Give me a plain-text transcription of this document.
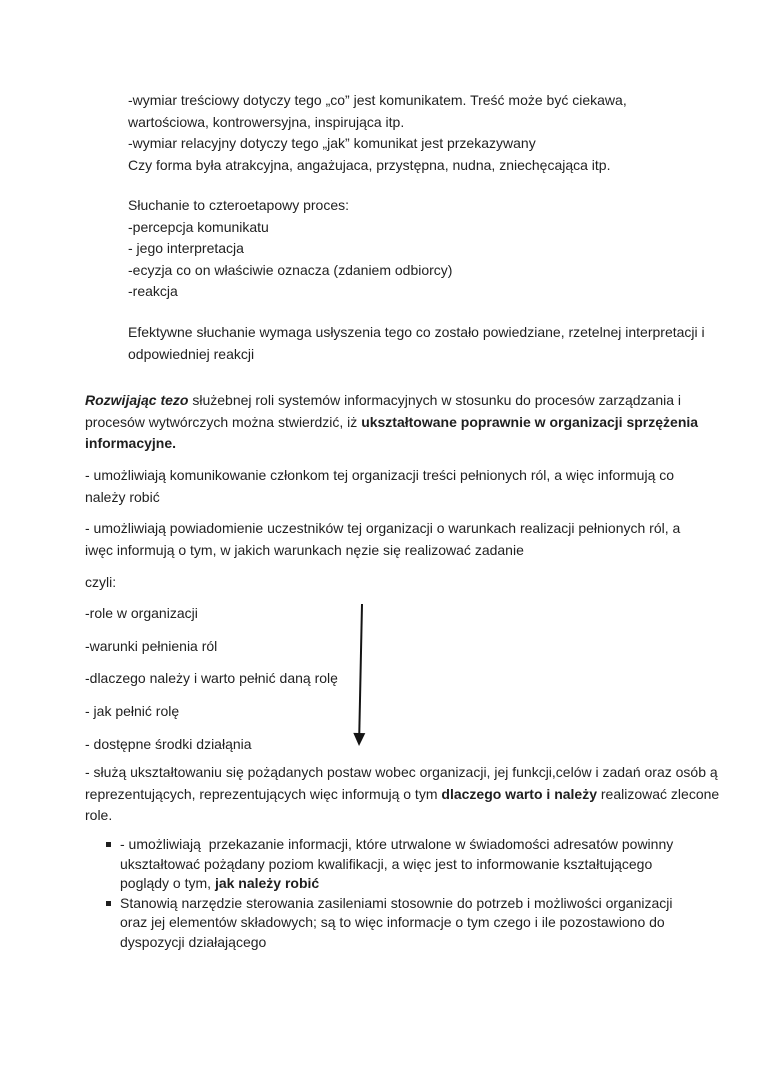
-wymiar treściowy dotyczy tego „co” jest komunikatem. Treść może być ciekawa,
wartościowa, kontrowersyjna, inspirująca itp.
-wymiar relacyjny dotyczy tego „jak” komunikat jest przekazywany
Czy forma była atrakcyjna, angażujaca, przystępna, nudna, zniechęcająca itp.
Słuchanie to czteroetapowy proces:
-percepcja komunikatu
- jego interpretacja
-ecyzja co on właściwie oznacza (zdaniem odbiorcy)
-reakcja
Efektywne słuchanie wymaga usłyszenia tego co zostało powiedziane, rzetelnej interpretacji i
odpowiedniej reakcji
Rozwijając tezo służebnej roli systemów informacyjnych w stosunku do procesów zarządzania i
procesów wytwórczych można stwierdzić, iż ukształtowane poprawnie w organizacji sprzężenia
informacyjne.
- umożliwiają komunikowanie członkom tej organizacji treści pełnionych ról, a więc informują co
należy robić
- umożliwiają powiadomienie uczestników tej organizacji o warunkach realizacji pełnionych ról, a
iwęc informują o tym, w jakich warunkach nęzie się realizować zadanie
czyli:
-role w organizacji
-warunki pełnienia ról
-dlaczego należy i warto pełnić daną rolę
- jak pełnić rolę
- dostępne środki działąnia
- służą ukształtowaniu się pożądanych postaw wobec organizacji, jej funkcji,celów i zadań oraz osób ą
reprezentujących, reprezentujących więc informują o tym dlaczego warto i należy realizować zlecone
role.
- umożliwiają  przekazanie informacji, które utrwalone w świadomości adresatów powinny
ukształtować pożądany poziom kwalifikacji, a więc jest to informowanie kształtującego
poglądy o tym, jak należy robić
Stanowią narzędzie sterowania zasileniami stosownie do potrzeb i możliwości organizacji
oraz jej elementów składowych; są to więc informacje o tym czego i ile pozostawiono do
dyspozycji działającego
